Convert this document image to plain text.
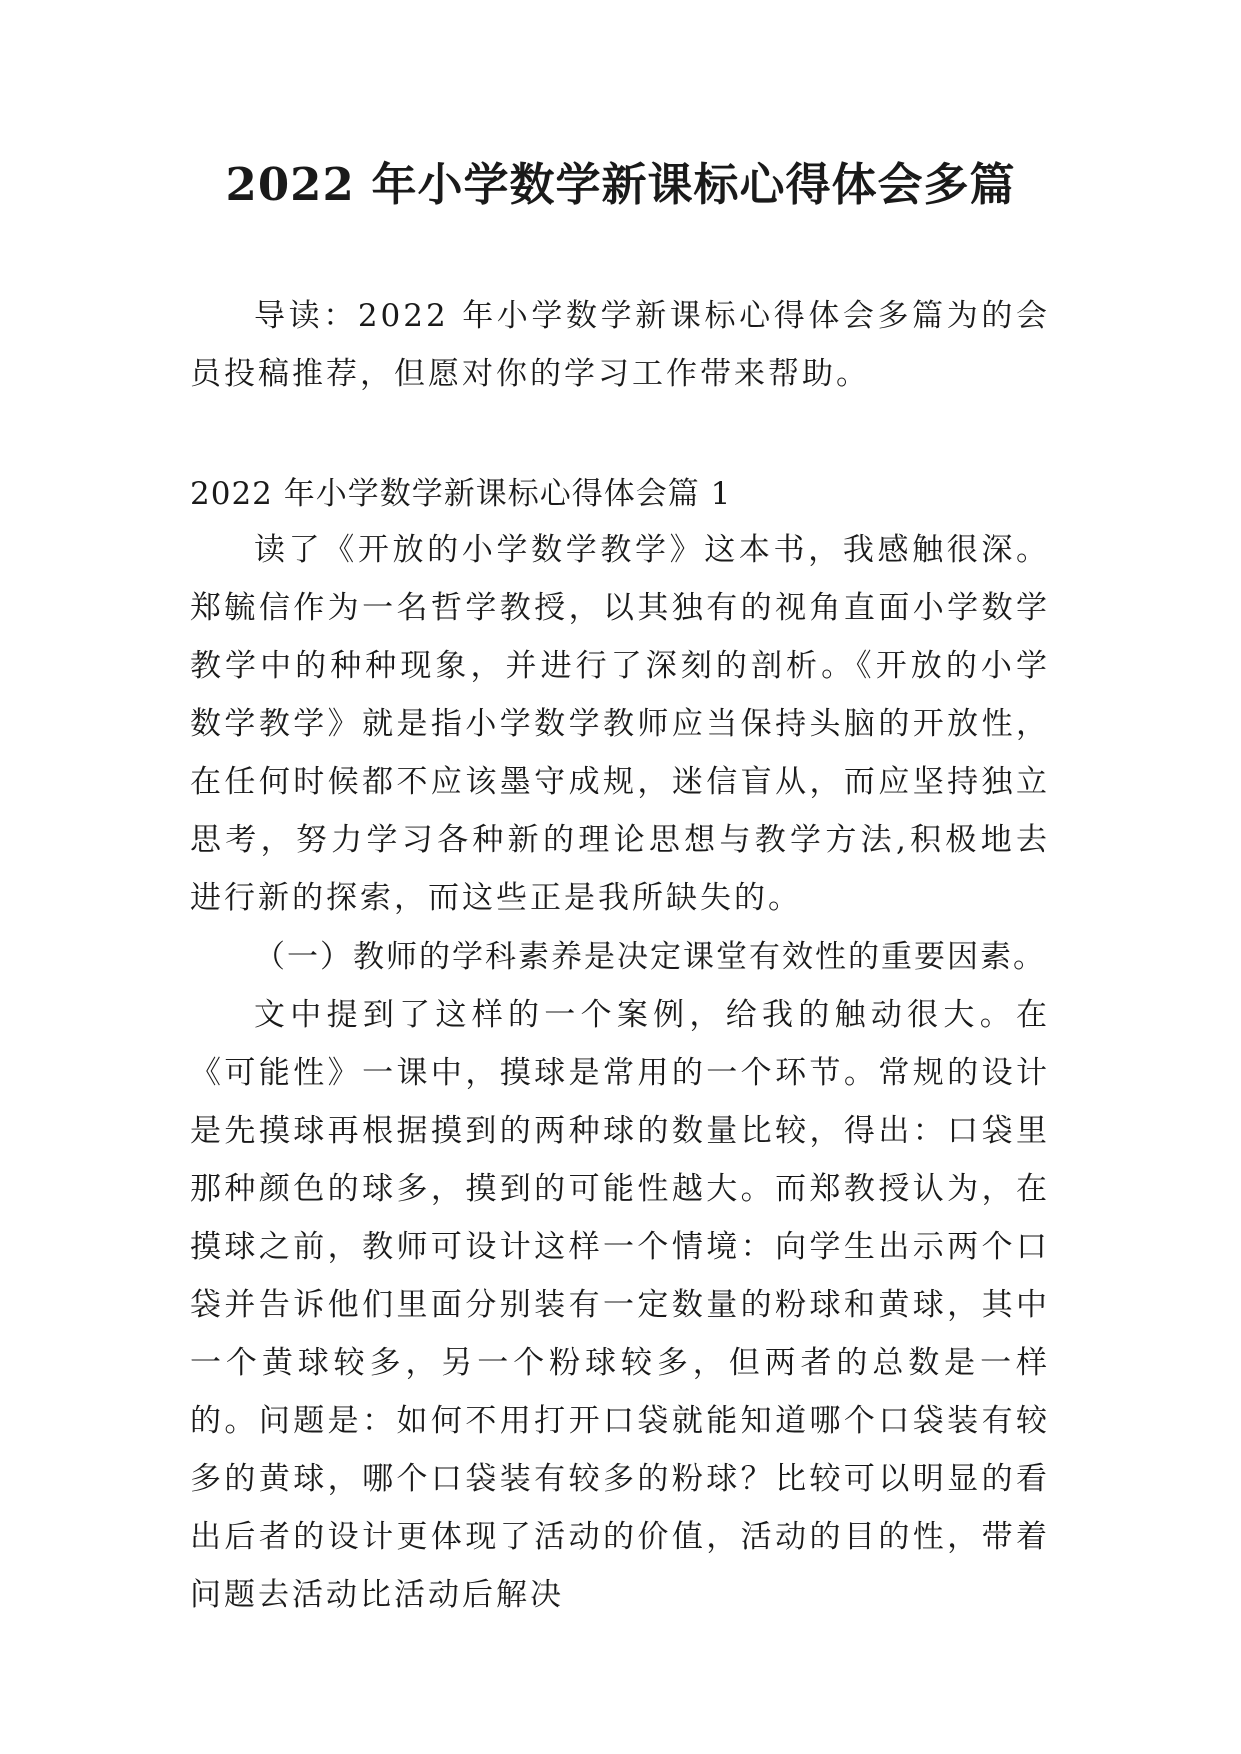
2022 年小学数学新课标心得体会多篇

导读：2022 年小学数学新课标心得体会多篇为的会员投稿推荐，但愿对你的学习工作带来帮助。

2022 年小学数学新课标心得体会篇 1

读了《开放的小学数学教学》这本书，我感触很深。郑毓信作为一名哲学教授，以其独有的视角直面小学数学教学中的种种现象，并进行了深刻的剖析。《开放的小学数学教学》就是指小学数学教师应当保持头脑的开放性，在任何时候都不应该墨守成规，迷信盲从，而应坚持独立思考，努力学习各种新的理论思想与教学方法,积极地去进行新的探索，而这些正是我所缺失的。

（一）教师的学科素养是决定课堂有效性的重要因素。

文中提到了这样的一个案例，给我的触动很大。在《可能性》一课中，摸球是常用的一个环节。常规的设计是先摸球再根据摸到的两种球的数量比较，得出：口袋里那种颜色的球多，摸到的可能性越大。而郑教授认为，在摸球之前，教师可设计这样一个情境：向学生出示两个口袋并告诉他们里面分别装有一定数量的粉球和黄球，其中一个黄球较多，另一个粉球较多，但两者的总数是一样的。问题是：如何不用打开口袋就能知道哪个口袋装有较多的黄球，哪个口袋装有较多的粉球？比较可以明显的看出后者的设计更体现了活动的价值，活动的目的性，带着问题去活动比活动后解决
